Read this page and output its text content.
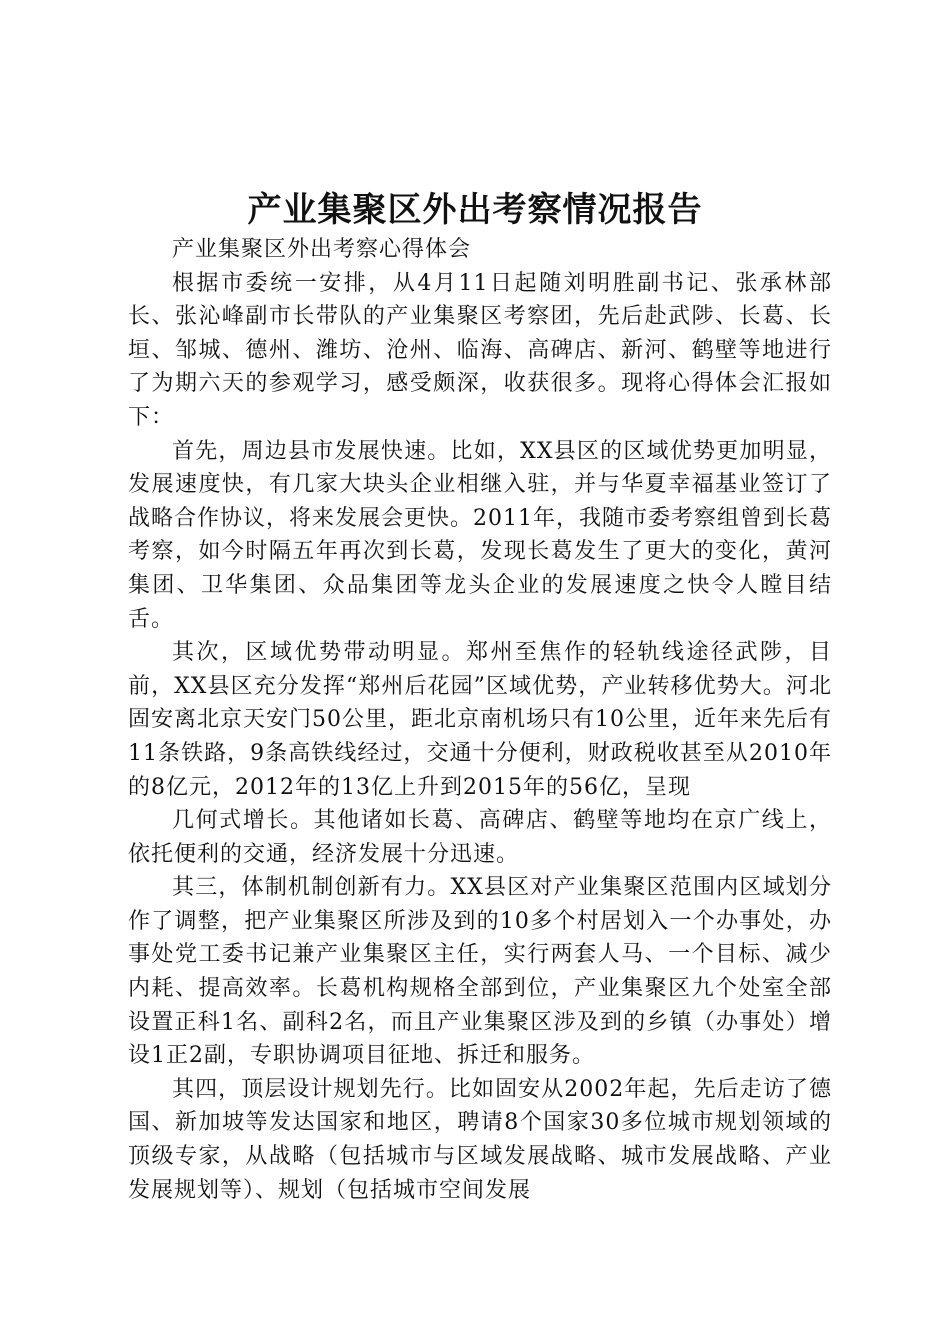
产业集聚区外出考察情况报告

产业集聚区外出考察心得体会

根据市委统一安排，从4月11日起随刘明胜副书记、张承林部长、张沁峰副市长带队的产业集聚区考察团，先后赴武陟、长葛、长垣、邹城、德州、潍坊、沧州、临海、高碑店、新河、鹤壁等地进行了为期六天的参观学习，感受颇深，收获很多。现将心得体会汇报如下：

首先，周边县市发展快速。比如，XX县区的区域优势更加明显，发展速度快，有几家大块头企业相继入驻，并与华夏幸福基业签订了战略合作协议，将来发展会更快。2011年，我随市委考察组曾到长葛考察，如今时隔五年再次到长葛，发现长葛发生了更大的变化，黄河集团、卫华集团、众品集团等龙头企业的发展速度之快令人瞠目结舌。

其次，区域优势带动明显。郑州至焦作的轻轨线途径武陟，目前，XX县区充分发挥“郑州后花园”区域优势，产业转移优势大。河北固安离北京天安门50公里，距北京南机场只有10公里，近年来先后有11条铁路，9条高铁线经过，交通十分便利，财政税收甚至从2010年的8亿元，2012年的13亿上升到2015年的56亿，呈现

几何式增长。其他诸如长葛、高碑店、鹤壁等地均在京广线上，依托便利的交通，经济发展十分迅速。

其三，体制机制创新有力。XX县区对产业集聚区范围内区域划分作了调整，把产业集聚区所涉及到的10多个村居划入一个办事处，办事处党工委书记兼产业集聚区主任，实行两套人马、一个目标、减少内耗、提高效率。长葛机构规格全部到位，产业集聚区九个处室全部设置正科1名、副科2名，而且产业集聚区涉及到的乡镇（办事处）增设1正2副，专职协调项目征地、拆迁和服务。

其四，顶层设计规划先行。比如固安从2002年起，先后走访了德国、新加坡等发达国家和地区，聘请8个国家30多位城市规划领域的顶级专家，从战略（包括城市与区域发展战略、城市发展战略、产业发展规划等）、规划（包括城市空间发展
